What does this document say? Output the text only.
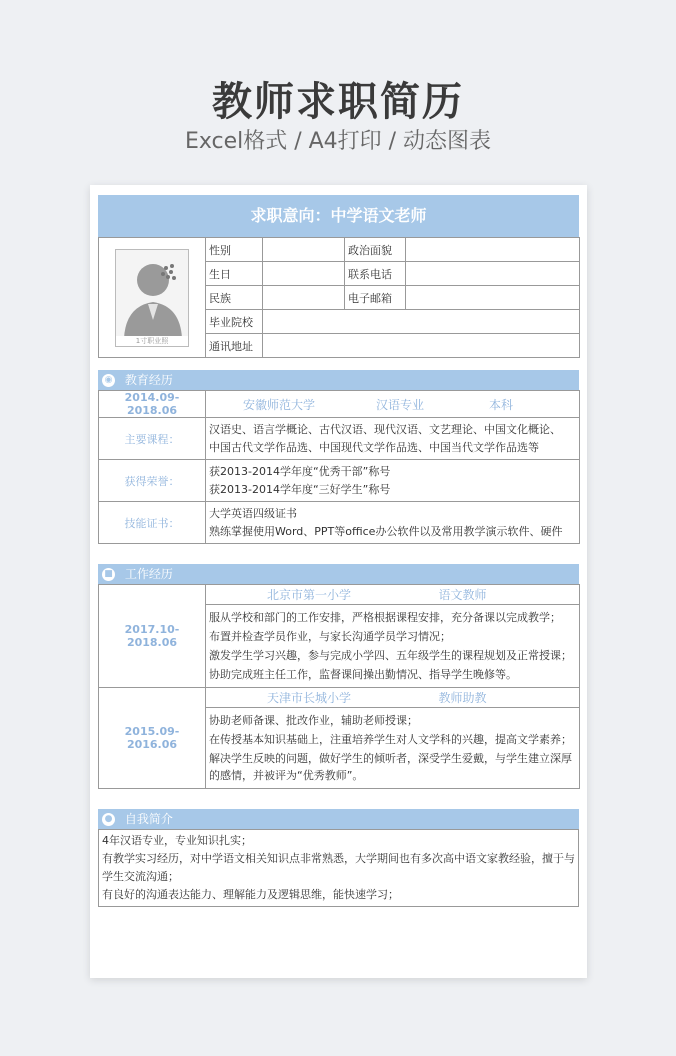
教师求职简历
Excel格式 / A4打印 / 动态图表
求职意向：中学语文老师
1寸职业照	性别		政治面貌	
	生日		联系电话	
	民族		电子邮箱	
	毕业院校			
	通讯地址			
◉ 教育经历
2014.09-2018.06	安徽师范大学 汉语专业 本科
主要课程：	汉语史、语言学概论、古代汉语、现代汉语、文艺理论、中国文化概论、
中国古代文学作品选、中国现代文学作品选、中国当代文学作品选等

获得荣誉：	获2013-2014学年度“优秀干部”称号
获2013-2014学年度“三好学生”称号

技能证书：	大学英语四级证书
熟练掌握使用Word、PPT等office办公软件以及常用教学演示软件、硬件
■ 工作经历
2017.10-2018.06	北京市第一小学 语文教师

	服从学校和部门的工作安排，严格根据课程安排，充分备课以完成教学；
布置并检查学员作业，与家长沟通学员学习情况；
激发学生学习兴趣，参与完成小学四、五年级学生的课程规划及正常授课；
协助完成班主任工作，监督课间操出勤情况、指导学生晚修等。

2015.09-2016.06	天津市长城小学 教师助教

	协助老师备课、批改作业，辅助老师授课；
在传授基本知识基础上，注重培养学生对人文学科的兴趣，提高文学素养；
解决学生反映的问题，做好学生的倾听者，深受学生爱戴，与学生建立深厚的感情，并被评为“优秀教师”。
● 自我简介
4年汉语专业，专业知识扎实；
有教学实习经历，对中学语文相关知识点非常熟悉，大学期间也有多次高中语文家教经验，擅于与学生交流沟通；
有良好的沟通表达能力、理解能力及逻辑思维，能快速学习；
